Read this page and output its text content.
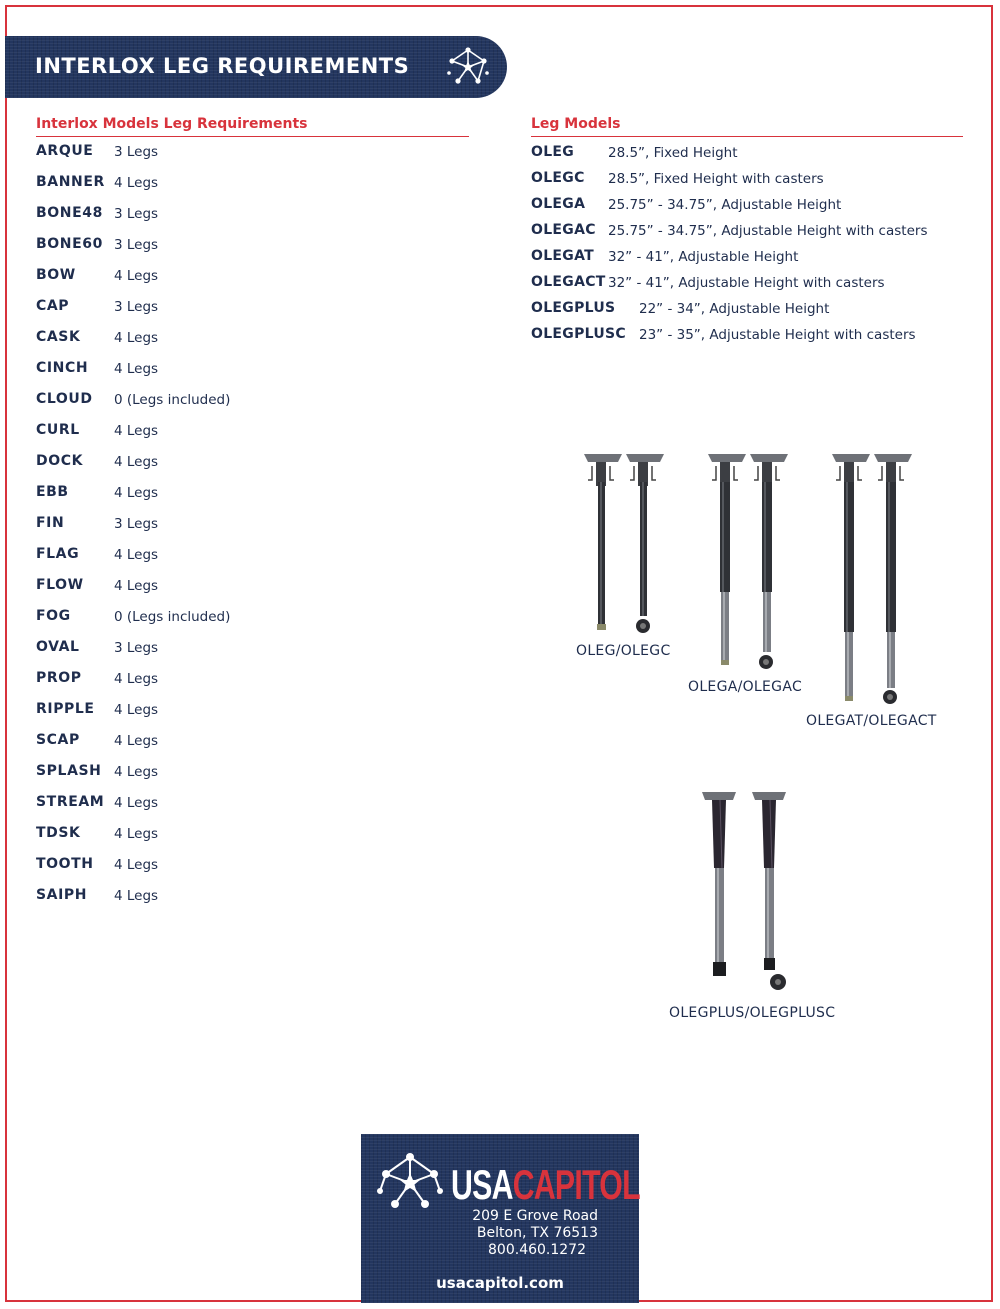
INTERLOX LEG REQUIREMENTS
Interlox Models Leg Requirements
ARQUE 3 Legs
BANNER 4 Legs
BONE48 3 Legs
BONE60 3 Legs
BOW	4 Legs
CAP	3 Legs
CASK 4 Legs
CINCH 4 Legs
CLOUD 0 (Legs included)
CURL	4 Legs
DOCK 4 Legs
EBB	4 Legs
FIN	3 Legs
FLAG	4 Legs
FLOW 4 Legs
FOG	0 (Legs included)
OVAL	3 Legs
PROP 4 Legs
RIPPLE 4 Legs
SCAP	4 Legs
SPLASH 4 Legs
STREAM 4 Legs
TDSK 4 Legs
TOOTH 4 Legs
SAIPH 4 Legs
Leg Models
OLEG	28.5”, Fixed Height
OLEGC 28.5”, Fixed Height with casters
OLEGA 25.75” - 34.75”, Adjustable Height
OLEGAC 25.75” - 34.75”, Adjustable Height with casters
OLEGAT 32” - 41”, Adjustable Height
OLEGACT 32” - 41”, Adjustable Height with casters
OLEGPLUS 22” - 34”, Adjustable Height
OLEGPLUSC 23” - 35”, Adjustable Height with casters
OLEG/OLEGC
OLEGA/OLEGAC
OLEGAT/OLEGACT
OLEGPLUS/OLEGPLUSC
USACAPITOL
209 E Grove Road
Belton, TX 76513
800.460.1272
usacapitol.com
